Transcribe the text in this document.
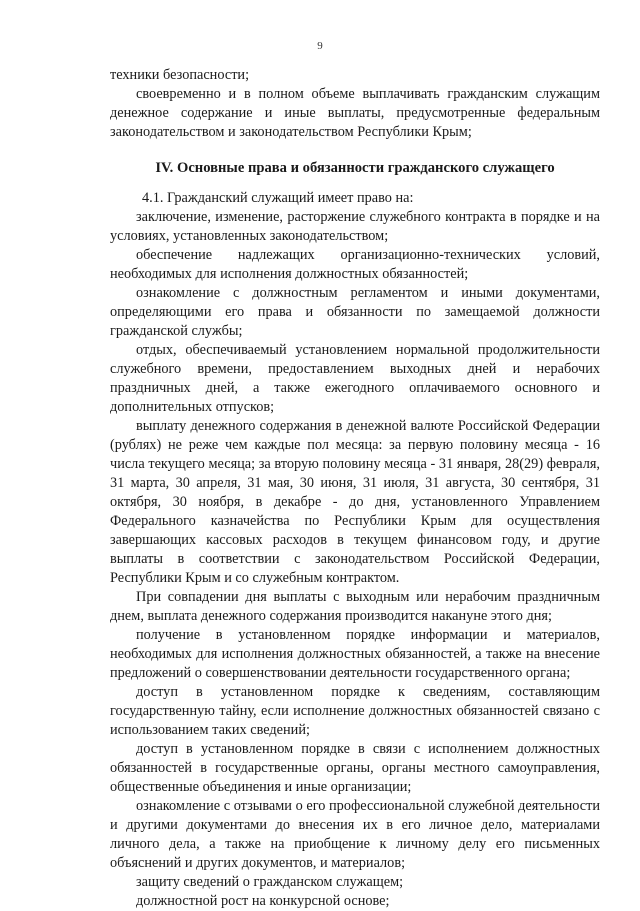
9

техники безопасности;

своевременно и в полном объеме выплачивать гражданским служащим денежное содержание и иные выплаты, предусмотренные федеральным законодательством и законодательством Республики Крым;

IV. Основные права и обязанности гражданского служащего

4.1. Гражданский служащий имеет право на:

заключение, изменение, расторжение служебного контракта в порядке и на условиях, установленных законодательством;

обеспечение надлежащих организационно-технических условий, необходимых для исполнения должностных обязанностей;

ознакомление с должностным регламентом и иными документами, определяющими его права и обязанности по замещаемой должности гражданской службы;

отдых, обеспечиваемый установлением нормальной продолжительности служебного времени, предоставлением выходных дней и нерабочих праздничных дней, а также ежегодного оплачиваемого основного и дополнительных отпусков;

выплату денежного содержания в денежной валюте Российской Федерации (рублях) не реже чем каждые пол месяца: за первую половину месяца - 16 числа текущего месяца; за вторую половину месяца - 31 января, 28(29) февраля, 31 марта, 30 апреля, 31 мая, 30 июня, 31 июля, 31 августа, 30 сентября, 31 октября, 30 ноября, в декабре - до дня, установленного Управлением Федерального казначейства по Республики Крым для осуществления завершающих кассовых расходов в текущем финансовом году, и другие выплаты в соответствии с законодательством Российской Федерации, Республики Крым и со служебным контрактом.

При совпадении дня выплаты с выходным или нерабочим праздничным днем, выплата денежного содержания производится накануне этого дня;

получение в установленном порядке информации и материалов, необходимых для исполнения должностных обязанностей, а также на внесение предложений о совершенствовании деятельности государственного органа;

доступ в установленном порядке к сведениям, составляющим государственную тайну, если исполнение должностных обязанностей связано с использованием таких сведений;

доступ в установленном порядке в связи с исполнением должностных обязанностей в государственные органы, органы местного самоуправления, общественные объединения и иные организации;

ознакомление с отзывами о его профессиональной служебной деятельности и другими документами до внесения их в его личное дело, материалами личного дела, а также на приобщение к личному делу его письменных объяснений и других документов, и материалов;

защиту сведений о гражданском служащем;

должностной рост на конкурсной основе;
